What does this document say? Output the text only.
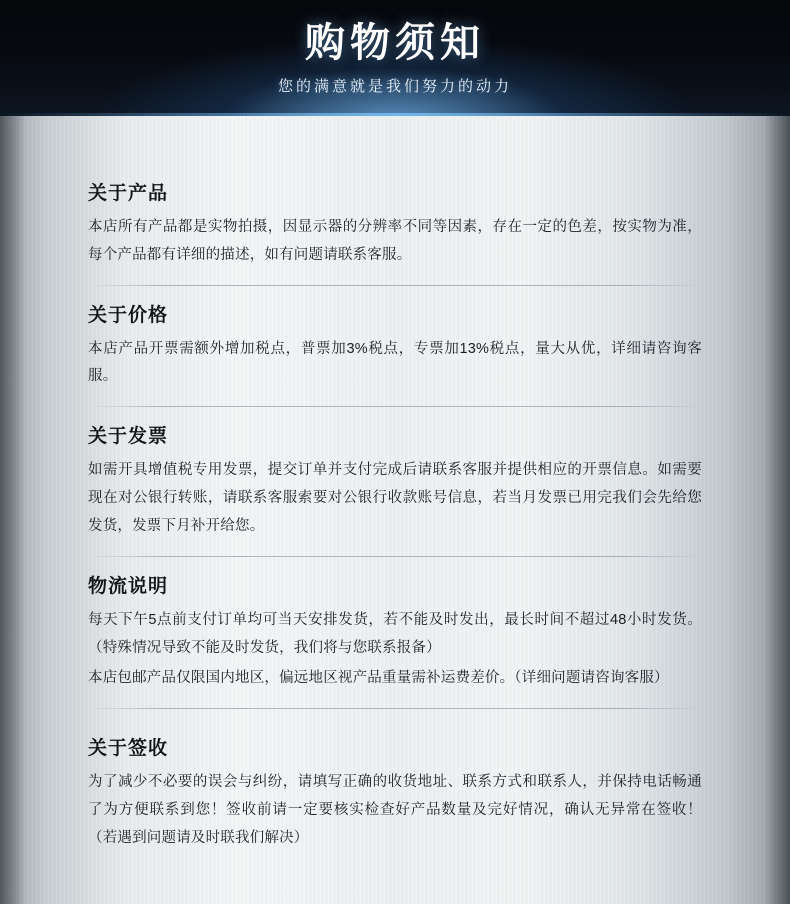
购物须知
您的满意就是我们努力的动力
关于产品

本店所有产品都是实物拍摄，因显示器的分辨率不同等因素，存在一定的色差，按实物为准，每个产品都有详细的描述，如有问题请联系客服。

关于价格

本店产品开票需额外增加税点，普票加3%税点，专票加13%税点，量大从优，详细请咨询客服。

关于发票

如需开具增值税专用发票，提交订单并支付完成后请联系客服并提供相应的开票信息。如需要现在对公银行转账，请联系客服索要对公银行收款账号信息，若当月发票已用完我们会先给您发货，发票下月补开给您。

物流说明

每天下午5点前支付订单均可当天安排发货，若不能及时发出，最长时间不超过48小时发货。（特殊情况导致不能及时发货，我们将与您联系报备）

本店包邮产品仅限国内地区，偏远地区视产品重量需补运费差价。（详细问题请咨询客服）

关于签收

为了减少不必要的误会与纠纷，请填写正确的收货地址、联系方式和联系人，并保持电话畅通了为方便联系到您！签收前请一定要核实检查好产品数量及完好情况，确认无异常在签收！（若遇到问题请及时联我们解决）
